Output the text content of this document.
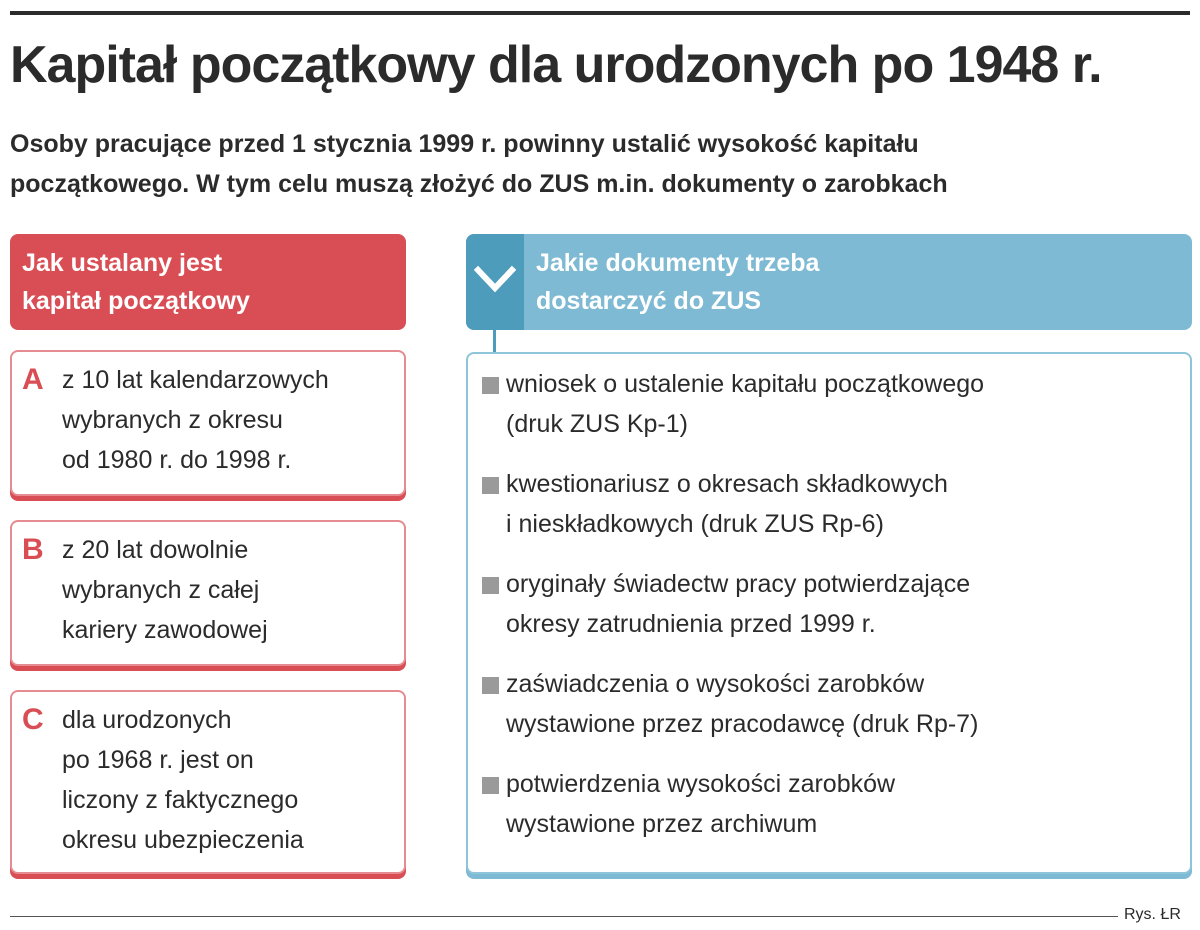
Kapitał początkowy dla urodzonych po 1948 r.
Osoby pracujące przed 1 stycznia 1999 r. powinny ustalić wysokość kapitału
początkowego. W tym celu muszą złożyć do ZUS m.in. dokumenty o zarobkach
Jak ustalany jest
kapitał początkowy
A z 10 lat kalendarzowych
wybranych z okresu
od 1980 r. do 1998 r.
B z 20 lat dowolnie
wybranych z całej
kariery zawodowej
C dla urodzonych
po 1968 r. jest on
liczony z faktycznego
okresu ubezpieczenia
Jakie dokumenty trzeba
dostarczyć do ZUS
wniosek o ustalenie kapitału początkowego
(druk ZUS Kp-1)
kwestionariusz o okresach składkowych
i nieskładkowych (druk ZUS Rp-6)
oryginały świadectw pracy potwierdzające
okresy zatrudnienia przed 1999 r.
zaświadczenia o wysokości zarobków
wystawione przez pracodawcę (druk Rp-7)
potwierdzenia wysokości zarobków
wystawione przez archiwum
Rys. ŁR
